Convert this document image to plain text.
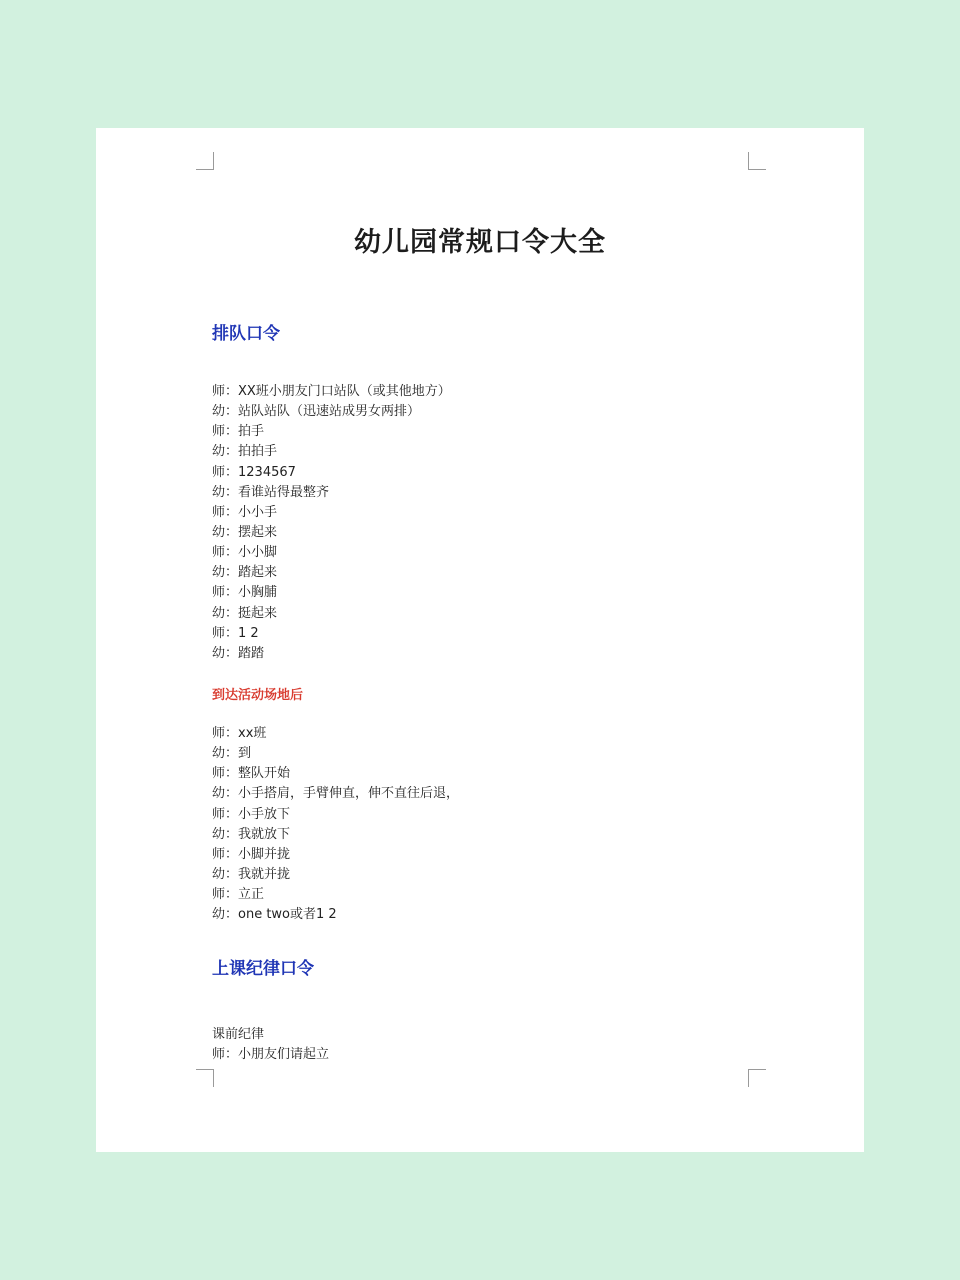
幼儿园常规口令大全
排队口令
师：XX班小朋友门口站队（或其他地方）
幼：站队站队（迅速站成男女两排）
师：拍手
幼：拍拍手
师：1234567
幼：看谁站得最整齐
师：小小手
幼：摆起来
师：小小脚
幼：踏起来
师：小胸脯
幼：挺起来
师：1 2
幼：踏踏
到达活动场地后
师：xx班
幼：到
师：整队开始
幼：小手搭肩，手臂伸直，伸不直往后退，
师：小手放下
幼：我就放下
师：小脚并拢
幼：我就并拢
师：立正
幼：one two或者1 2
上课纪律口令

课前纪律

师：小朋友们请起立
